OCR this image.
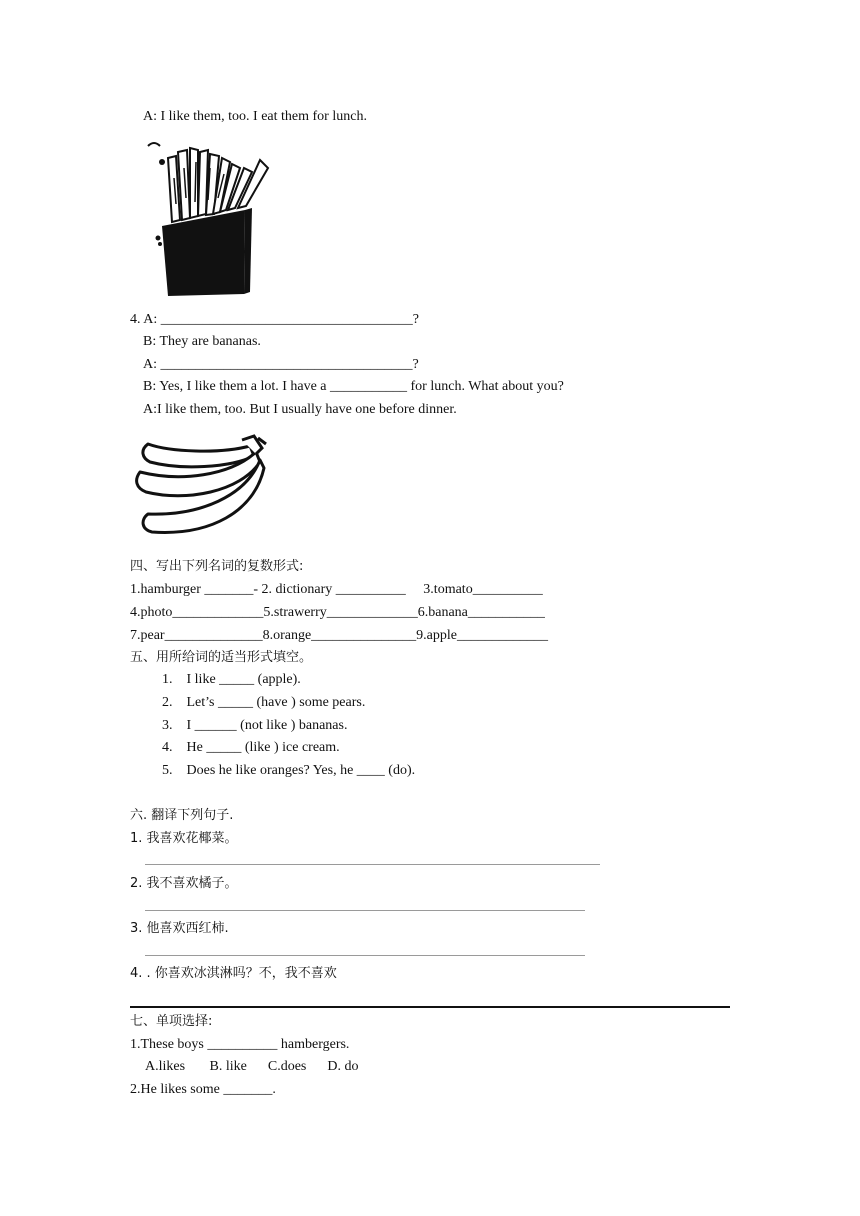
A: I like them, too. I eat them for lunch.
4. A: ____________________________________?
B: They are bananas.
A: ____________________________________?
B: Yes, I like them a lot. I have a ___________ for lunch. What about you?
A:I like them, too. But I usually have one before dinner.
四、写出下列名词的复数形式:
1.hamburger _______- 2. dictionary __________     3.tomato__________
4.photo_____________5.strawerry_____________6.banana___________
7.pear______________8.orange_______________9.apple_____________
五、用所给词的适当形式填空。
1.    I like _____ (apple).
2.    Let’s _____ (have ) some pears.
3.    I ______ (not like ) bananas.
4.    He _____ (like ) ice cream.
5.    Does he like oranges? Yes, he ____ (do).
六. 翻译下列句子.
1. 我喜欢花椰菜。
2. 我不喜欢橘子。
3. 他喜欢西红柿.
4. . 你喜欢冰淇淋吗？不，我不喜欢
七、单项选择:
1.These boys __________ hambergers.
A.likes       B. like      C.does      D. do
2.He likes some _______.
